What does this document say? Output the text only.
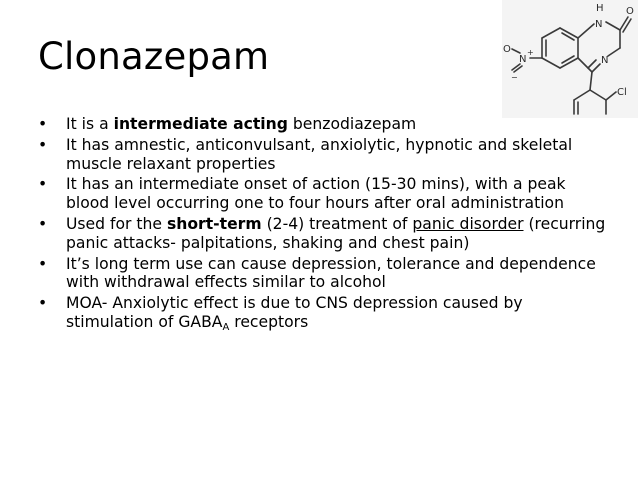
Clonazepam
H
N
O
N
O
N
+
−
Cl
• It is a intermediate acting benzodiazepam
• It has amnestic, anticonvulsant, anxiolytic, hypnotic and skeletal muscle relaxant properties
• It has an intermediate onset of action (15-30 mins), with a peak blood level occurring one to four hours after oral administration
• Used for the short-term (2-4) treatment of panic disorder (recurring panic attacks- palpitations, shaking and chest pain)
• It’s long term use can cause depression, tolerance and dependence with withdrawal effects similar to alcohol
• MOA- Anxiolytic effect is due to CNS depression caused by stimulation of $GABA_A$ receptors
